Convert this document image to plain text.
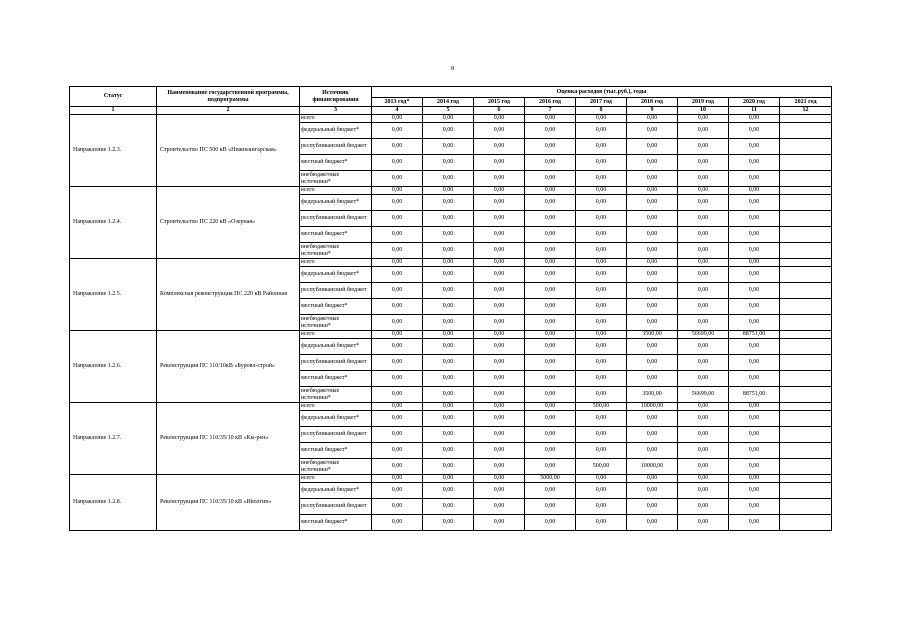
8
Статус	Наименование государственной программы, подпрограммы	Источник финансирования	Оценка расходов (тыс.руб.), годы								
			2013 год*	2014 год	2015 год	2016 год	2017 год	2018 год	2019 год	2020 год	2021 год
1	2	3	4	5	6	7	8	9	10	11	12
Направление 1.2.3.	Строительство ПС 500 кВ «Нижнеангарская»	всего	0,00	0,00	0,00	0,00	0,00	0,00	0,00	0,00	
		федеральный бюджет*	0,00	0,00	0,00	0,00	0,00	0,00	0,00	0,00	
		республиканский бюджет	0,00	0,00	0,00	0,00	0,00	0,00	0,00	0,00	
		местный бюджет*	0,00	0,00	0,00	0,00	0,00	0,00	0,00	0,00	
		внебюджетные источники*	0,00	0,00	0,00	0,00	0,00	0,00	0,00	0,00	
Направление 1.2.4.	Строительство ПС 220 кВ «Озерная»	всего	0,00	0,00	0,00	0,00	0,00	0,00	0,00	0,00	
		федеральный бюджет*	0,00	0,00	0,00	0,00	0,00	0,00	0,00	0,00	
		республиканский бюджет	0,00	0,00	0,00	0,00	0,00	0,00	0,00	0,00	
		местный бюджет*	0,00	0,00	0,00	0,00	0,00	0,00	0,00	0,00	
		внебюджетные источники*	0,00	0,00	0,00	0,00	0,00	0,00	0,00	0,00	
Направление 1.2.5.	Комплексная реконструкция ПС 220 кВ Районная	всего	0,00	0,00	0,00	0,00	0,00	0,00	0,00	0,00	
		федеральный бюджет*	0,00	0,00	0,00	0,00	0,00	0,00	0,00	0,00	
		республиканский бюджет	0,00	0,00	0,00	0,00	0,00	0,00	0,00	0,00	
		местный бюджет*	0,00	0,00	0,00	0,00	0,00	0,00	0,00	0,00	
		внебюджетные источники*	0,00	0,00	0,00	0,00	0,00	0,00	0,00	0,00	
Направление 1.2.6.	Реконструкция ПС 110/10кВ «Буровл-строй»	всего	0,00	0,00	0,00	0,00	0,00	3500,00	56699,00	88751,00	
		федеральный бюджет*	0,00	0,00	0,00	0,00	0,00	0,00	0,00	0,00	
		республиканский бюджет	0,00	0,00	0,00	0,00	0,00	0,00	0,00	0,00	
		местный бюджет*	0,00	0,00	0,00	0,00	0,00	0,00	0,00	0,00	
		внебюджетные источники*	0,00	0,00	0,00	0,00	0,00	3500,00	56699,00	88751,00	
Направление 1.2.7.	Реконструкция ПС 110/35/10 кВ «Кы-рен»	всего	0,00	0,00	0,00	0,00	500,00	10000,00	0,00	0,00	
		федеральный бюджет*	0,00	0,00	0,00	0,00	0,00	0,00	0,00	0,00	
		республиканский бюджет	0,00	0,00	0,00	0,00	0,00	0,00	0,00	0,00	
		местный бюджет*	0,00	0,00	0,00	0,00	0,00	0,00	0,00	0,00	
		внебюджетные источники*	0,00	0,00	0,00	0,00	500,00	10000,00	0,00	0,00	
Направление 1.2.8.	Реконструкция ПС 110/35/10 кВ «Иволгин»	всего	0,00	0,00	0,00	5000,00	0,00	0,00	0,00	0,00	
		федеральный бюджет*	0,00	0,00	0,00	0,00	0,00	0,00	0,00	0,00	
		республиканский бюджет	0,00	0,00	0,00	0,00	0,00	0,00	0,00	0,00	
		местный бюджет*	0,00	0,00	0,00	0,00	0,00	0,00	0,00	0,00	
